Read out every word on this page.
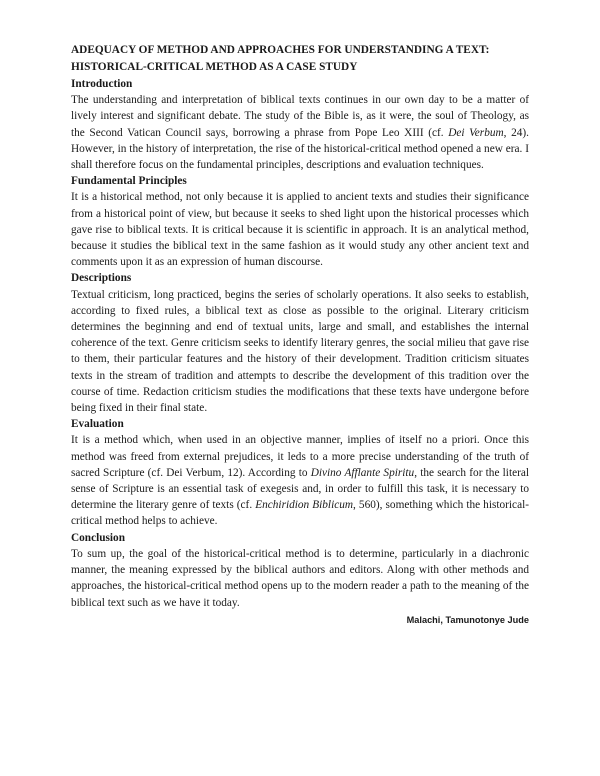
ADEQUACY OF METHOD AND APPROACHES FOR UNDERSTANDING A TEXT:
HISTORICAL-CRITICAL METHOD AS A CASE STUDY
Introduction

The understanding and interpretation of biblical texts continues in our own day to be a matter of lively interest and significant debate. The study of the Bible is, as it were, the soul of Theology, as the Second Vatican Council says, borrowing a phrase from Pope Leo XIII (cf. Dei Verbum, 24). However, in the history of interpretation, the rise of the historical-critical method opened a new era. I shall therefore focus on the fundamental principles, descriptions and evaluation techniques.

Fundamental Principles

It is a historical method, not only because it is applied to ancient texts and studies their significance from a historical point of view, but because it seeks to shed light upon the historical processes which gave rise to biblical texts. It is critical because it is scientific in approach. It is an analytical method, because it studies the biblical text in the same fashion as it would study any other ancient text and comments upon it as an expression of human discourse.

Descriptions

Textual criticism, long practiced, begins the series of scholarly operations. It also seeks to establish, according to fixed rules, a biblical text as close as possible to the original. Literary criticism determines the beginning and end of textual units, large and small, and establishes the internal coherence of the text. Genre criticism seeks to identify literary genres, the social milieu that gave rise to them, their particular features and the history of their development. Tradition criticism situates texts in the stream of tradition and attempts to describe the development of this tradition over the course of time. Redaction criticism studies the modifications that these texts have undergone before being fixed in their final state.

Evaluation

It is a method which, when used in an objective manner, implies of itself no a priori. Once this method was freed from external prejudices, it leds to a more precise understanding of the truth of sacred Scripture (cf. Dei Verbum, 12). According to Divino Afflante Spiritu, the search for the literal sense of Scripture is an essential task of exegesis and, in order to fulfill this task, it is necessary to determine the literary genre of texts (cf. Enchiridion Biblicum, 560), something which the historical-critical method helps to achieve.

Conclusion

To sum up, the goal of the historical-critical method is to determine, particularly in a diachronic manner, the meaning expressed by the biblical authors and editors. Along with other methods and approaches, the historical-critical method opens up to the modern reader a path to the meaning of the biblical text such as we have it today.

Malachi, Tamunotonye Jude
